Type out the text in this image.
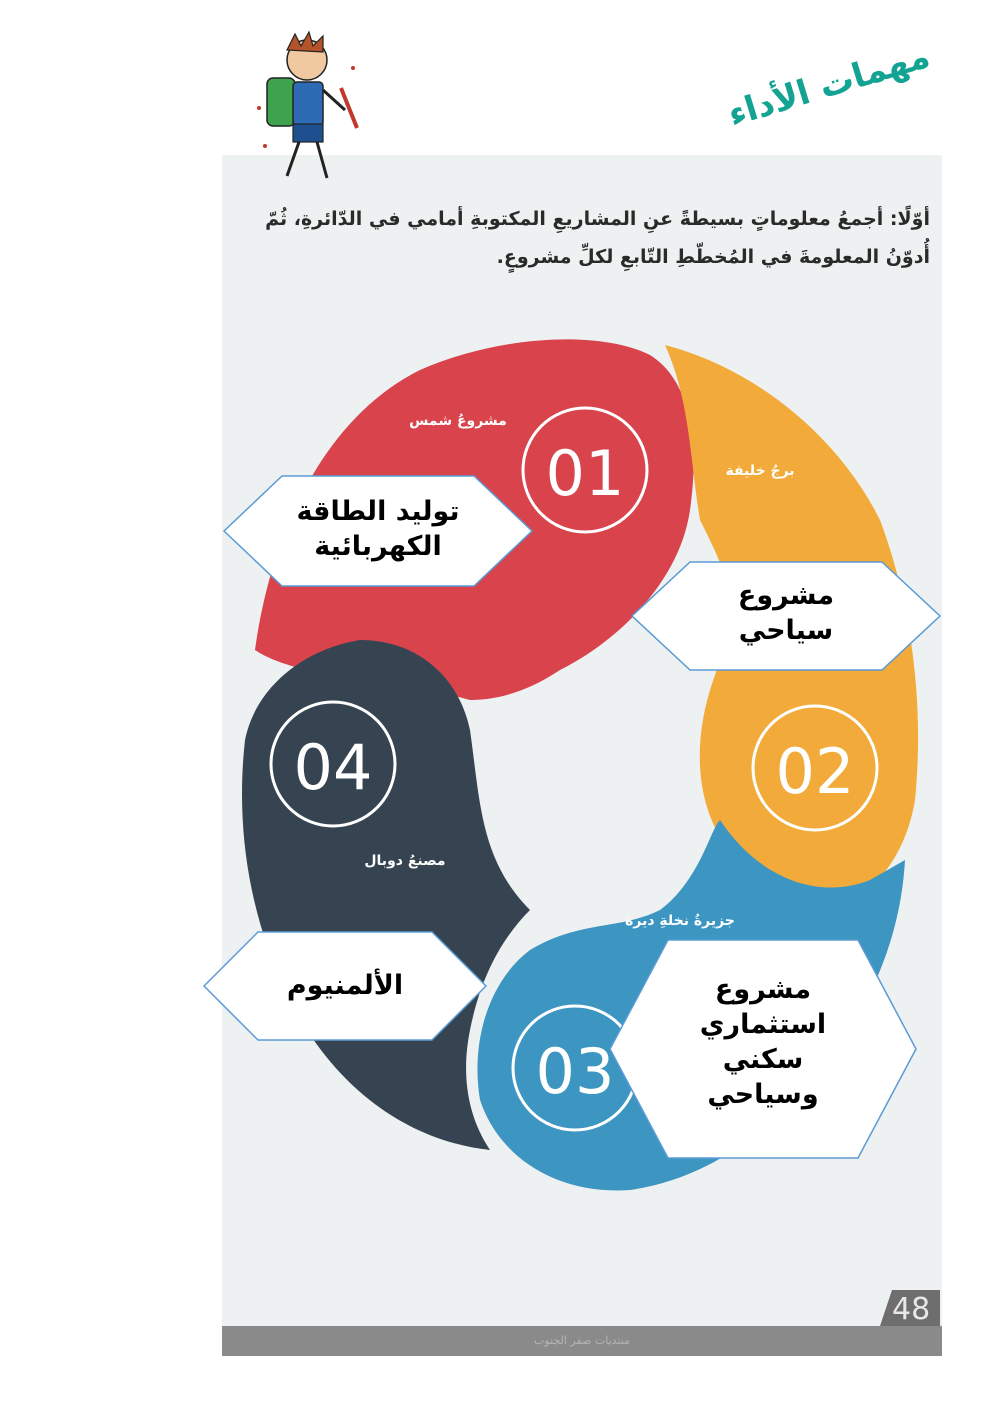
مهمات الأداء
أوّلًا: أجمعُ معلوماتٍ بسيطةً عنِ المشاريعِ المكتوبةِ أمامي في الدّائرةِ، ثُمّ أُدوّنُ المعلومةَ في المُخطّطِ التّابعِ لكلِّ مشروعٍ.
01
02
03
04
مشروعُ شمس
برجُ خليفة
جزيرةُ نخلةِ ديرة
مصنعُ دوبال
توليد الطاقة الكهربائية
مشروع سياحي
مشروع استثماري سكني وسياحي
الألمنيوم
منتديات صقر الجنوب
48
